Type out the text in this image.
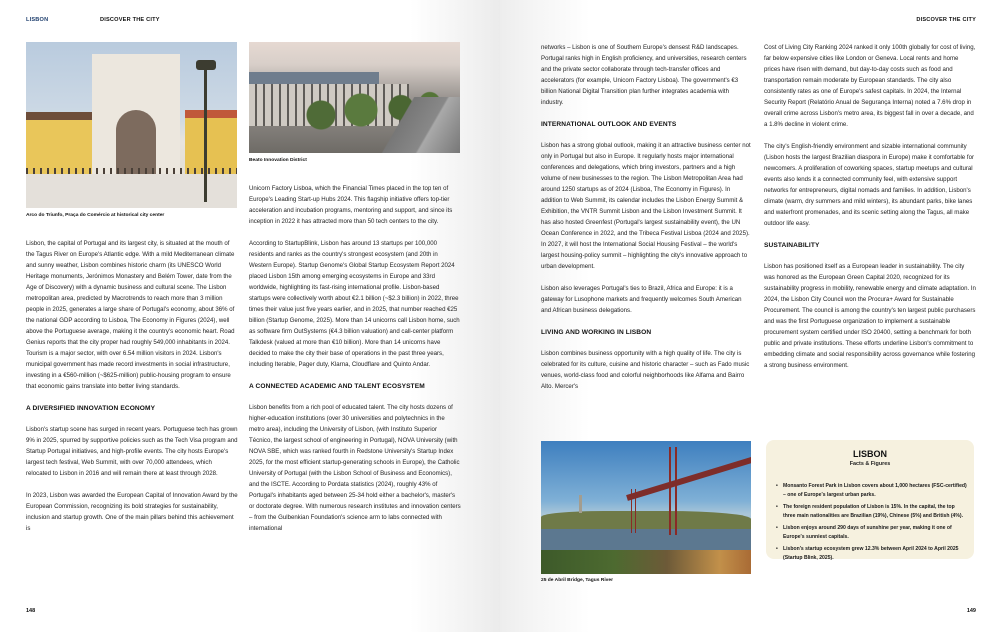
LISBON	DISCOVER THE CITY
Arco do Triunfo, Praça do Comércio at historical city center
Beato Innovation District

Lisbon, the capital of Portugal and its largest city, is situated at the mouth of the Tagus River on Europe's Atlantic edge. With a mild Mediterranean climate and sunny weather, Lisbon combines historic charm (its UNESCO World Heritage monuments, Jerónimos Monastery and Belém Tower, date from the Age of Discovery) with a dynamic business and cultural scene. The Lisbon metropolitan area, predicted by Macrotrends to reach more than 3 million people in 2025, generates a large share of Portugal's economy, about 36% of the national GDP according to Lisboa, The Economy in Figures (2024), well above the Portuguese average, making it the country's economic heart. Road Genius reports that the city proper had roughly 549,000 inhabitants in 2024. Tourism is a major sector, with over 6.54 million visitors in 2024. Lisbon's municipal government has made record investments in social infrastructure, investing in a €560-million (~$625-million) public-housing program to ensure that economic gains translate into better living standards.

A DIVERSIFIED INNOVATION ECONOMY

Lisbon's startup scene has surged in recent years. Portuguese tech has grown 9% in 2025, spurred by supportive policies such as the Tech Visa program and Startup Portugal initiatives, and high-profile events. The city hosts Europe's largest tech festival, Web Summit, with over 70,000 attendees, which relocated to Lisbon in 2016 and will remain there at least through 2028.

In 2023, Lisbon was awarded the European Capital of Innovation Award by the European Commission, recognizing its bold strategies for sustainability, inclusion and startup growth. One of the main pillars behind this achievement is

Unicorn Factory Lisboa, which the Financial Times placed in the top ten of Europe's Leading Start-up Hubs 2024. This flagship initiative offers top-tier acceleration and incubation programs, mentoring and support, and since its inception in 2022 it has attracted more than 50 tech centers to the city.

According to StartupBlink, Lisbon has around 13 startups per 100,000 residents and ranks as the country's strongest ecosystem (and 20th in Western Europe). Startup Genome's Global Startup Ecosystem Report 2024 placed Lisbon 15th among emerging ecosystems in Europe and 33rd worldwide, highlighting its fast-rising international profile. Lisbon-based startups were collectively worth about €2.1 billion (~$2.3 billion) in 2022, three times their value just five years earlier, and in 2025, that number reached €25 billion (Startup Genome, 2025). More than 14 unicorns call Lisbon home, such as software firm OutSystems (€4.3 billion valuation) and call-center platform Talkdesk (valued at more than €10 billion). More than 14 unicorns have decided to make the city their base of operations in the past three years, including Iterable, Pager duty, Klarna, Cloudflare and Quinto Andar.

A CONNECTED ACADEMIC AND TALENT ECOSYSTEM

Lisbon benefits from a rich pool of educated talent. The city hosts dozens of higher-education institutions (over 30 universities and polytechnics in the metro area), including the University of Lisbon, (with Instituto Superior Técnico, the largest school of engineering in Portugal), NOVA University (with NOVA SBE, which was ranked fourth in Redstone University's Startup Index 2025, for the most efficient startup-generating schools in Europe), the Catholic University of Portugal (with the Lisbon School of Business and Economics), and the ISCTE. According to Pordata statistics (2024), roughly 43% of Portugal's inhabitants aged between 25-34 hold either a bachelor's, master's or doctorate degree. With numerous research institutes and innovation centers – from the Gulbenkian Foundation's science arm to labs connected with international

148
DISCOVER THE CITY

networks – Lisbon is one of Southern Europe's densest R&D landscapes. Portugal ranks high in English proficiency, and universities, research centers and the private sector collaborate through tech-transfer offices and accelerators (for example, Unicorn Factory Lisboa). The government's €3 billion National Digital Transition plan further integrates academia with industry.

INTERNATIONAL OUTLOOK AND EVENTS

Lisbon has a strong global outlook, making it an attractive business center not only in Portugal but also in Europe. It regularly hosts major international conferences and delegations, which bring investors, partners and a high volume of new businesses to the region. The Lisbon Metropolitan Area had around 1250 startups as of 2024 (Lisboa, The Economy in Figures). In addition to Web Summit, its calendar includes the Lisbon Energy Summit & Exhibition, the VNTR Summit Lisbon and the Lisbon Investment Summit. It has also hosted Greenfest (Portugal's largest sustainability event), the UN Ocean Conference in 2022, and the Tribeca Festival Lisboa (2024 and 2025). In 2027, it will host the International Social Housing Festival – the world's largest housing-policy summit – highlighting the city's innovative approach to urban development.

Lisbon also leverages Portugal's ties to Brazil, Africa and Europe: it is a gateway for Lusophone markets and frequently welcomes South American and African business delegations.

LIVING AND WORKING IN LISBON

Lisbon combines business opportunity with a high quality of life. The city is celebrated for its culture, cuisine and historic character – such as Fado music venues, world-class food and colorful neighborhoods like Alfama and Bairro Alto. Mercer's

25 de Abril Bridge, Tagus River

Cost of Living City Ranking 2024 ranked it only 100th globally for cost of living, far below expensive cities like London or Geneva. Local rents and home prices have risen with demand, but day-to-day costs such as food and transportation remain moderate by European standards. The city also consistently rates as one of Europe's safest capitals. In 2024, the Internal Security Report (Relatório Anual de Segurança Interna) noted a 7.6% drop in overall crime across Lisbon's metro area, its biggest fall in over a decade, and a 1.8% decline in violent crime.

The city's English-friendly environment and sizable international community (Lisbon hosts the largest Brazilian diaspora in Europe) make it comfortable for newcomers. A proliferation of coworking spaces, startup meetups and cultural events also lends it a connected community feel, with extensive support networks for entrepreneurs, digital nomads and families. In addition, Lisbon's climate (warm, dry summers and mild winters), its abundant parks, bike lanes and waterfront promenades, and its scenic setting along the Tagus, all make outdoor life easy.

SUSTAINABILITY

Lisbon has positioned itself as a European leader in sustainability. The city was honored as the European Green Capital 2020, recognized for its sustainability progress in mobility, renewable energy and climate adaptation. In 2024, the Lisbon City Council won the Procura+ Award for Sustainable Procurement. The council is among the country's ten largest public purchasers and was the first Portuguese organization to implement a sustainable procurement system certified under ISO 20400, setting a benchmark for both public and private institutions. These efforts underline Lisbon's commitment to embedding climate and social responsibility across governance while fostering a strong business environment.

LISBON
Facts & Figures
• Monsanto Forest Park in Lisbon covers about 1,000 hectares (FSC-certified) – one of Europe's largest urban parks.
• The foreign resident population of Lisbon is 15%. In the capital, the top three main nationalities are Brazilian (19%), Chinese (5%) and British (4%).
• Lisbon enjoys around 290 days of sunshine per year, making it one of Europe's sunniest capitals.
• Lisbon's startup ecosystem grew 12.3% between April 2024 to April 2025 (Startup Blink, 2025).
149
